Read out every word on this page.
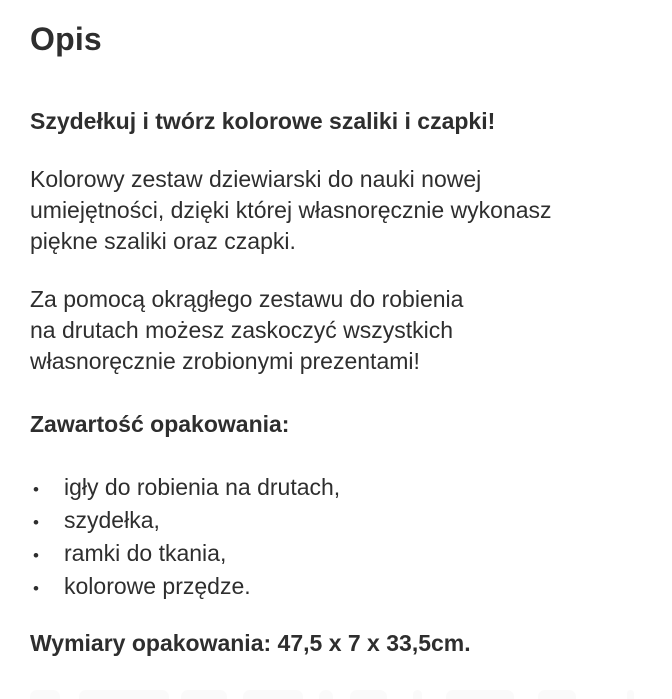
Opis

Szydełkuj i twórz kolorowe szaliki i czapki!

Kolorowy zestaw dziewiarski do nauki nowej
umiejętności, dzięki której własnoręcznie wykonasz
piękne szaliki oraz czapki.

Za pomocą okrągłego zestawu do robienia
na drutach możesz zaskoczyć wszystkich
własnoręcznie zrobionymi prezentami!

Zawartość opakowania:
•	igły do robienia na drutach,
•	szydełka,
•	ramki do tkania,
•	kolorowe przędze.

Wymiary opakowania: 47,5 x 7 x 33,5cm.
